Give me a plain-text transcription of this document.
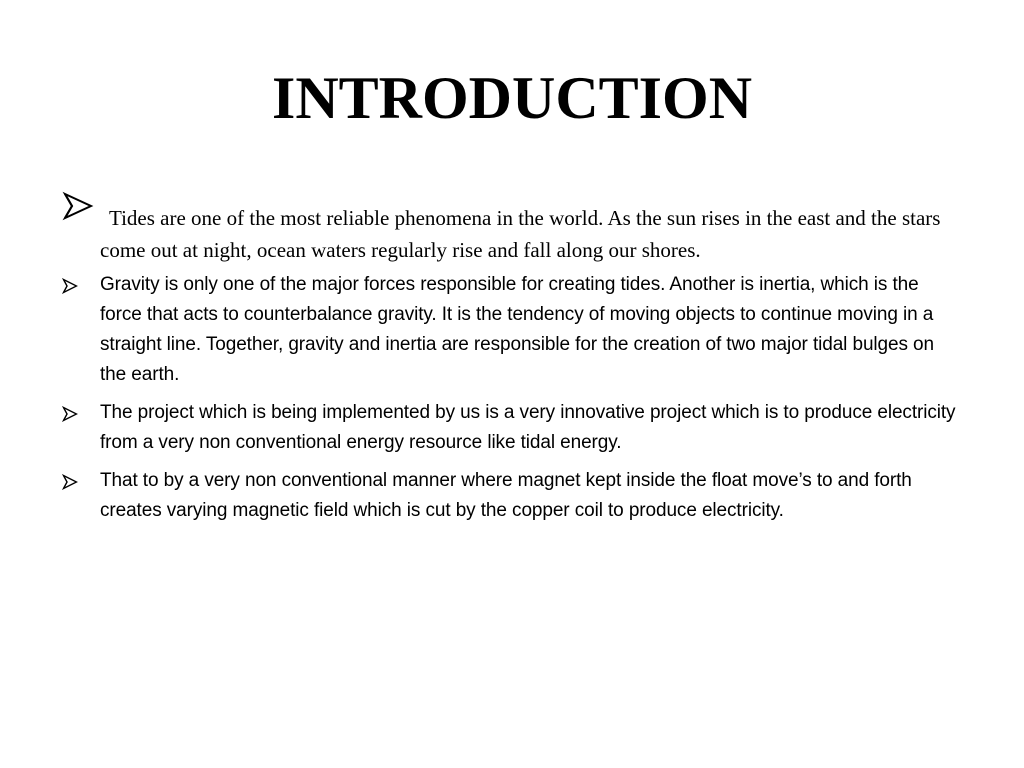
INTRODUCTION
Tides are one of the most reliable phenomena in the world. As the sun rises in the east and the stars come out at night, ocean waters regularly rise and fall along our shores.
Gravity is only one of the major forces responsible for creating tides. Another is inertia, which is the force that acts to counterbalance gravity. It is the tendency of moving objects to continue moving in a straight line. Together, gravity and inertia are responsible for the creation of two major tidal bulges on the earth.
The project which is being implemented by us is a very innovative project which is to produce electricity from a very non conventional energy resource like tidal energy.
That to by a very non conventional manner where magnet kept inside the float move’s to and forth creates varying magnetic field which is cut by the copper coil to produce electricity.
